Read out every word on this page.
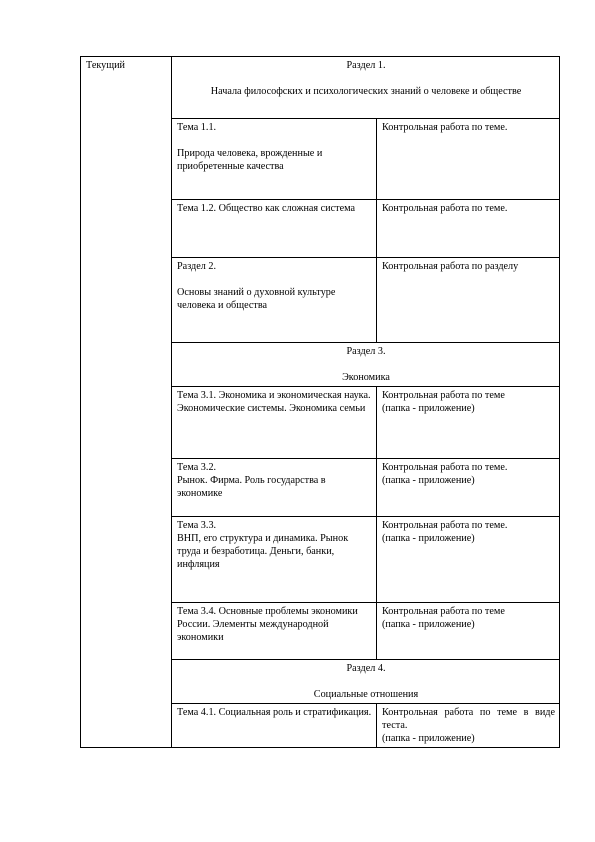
Текущий	Раздел 1.
Начала философских и психологических знаний о человеке и обществе	

	Тема 1.1.
Природа человека, врожденные и приобретенные качества	Контрольная работа по теме.
	Тема 1.2. Общество как сложная система	Контрольная работа по теме.

	Раздел 2.
Основы знаний о духовной культуре человека и общества	Контрольная работа по разделу

	Раздел 3.
Экономика	

	Тема 3.1. Экономика и экономическая наука. Экономические системы. Экономика семьи	Контрольная работа по теме
(папка - приложение)

	Тема 3.2.
Рынок. Фирма. Роль государства в экономике	Контрольная работа по теме.
(папка - приложение)

	Тема 3.3.
ВНП, его структура и динамика. Рынок труда и безработица. Деньги, банки, инфляция	Контрольная работа по теме.
(папка - приложение)

	Тема 3.4. Основные проблемы экономики России. Элементы международной экономики	Контрольная работа по теме
(папка - приложение)

	Раздел 4.
Социальные отношения	

	Тема 4.1. Социальная роль и стратификация.	Контрольная работа по теме в виде теста.
(папка - приложение)
